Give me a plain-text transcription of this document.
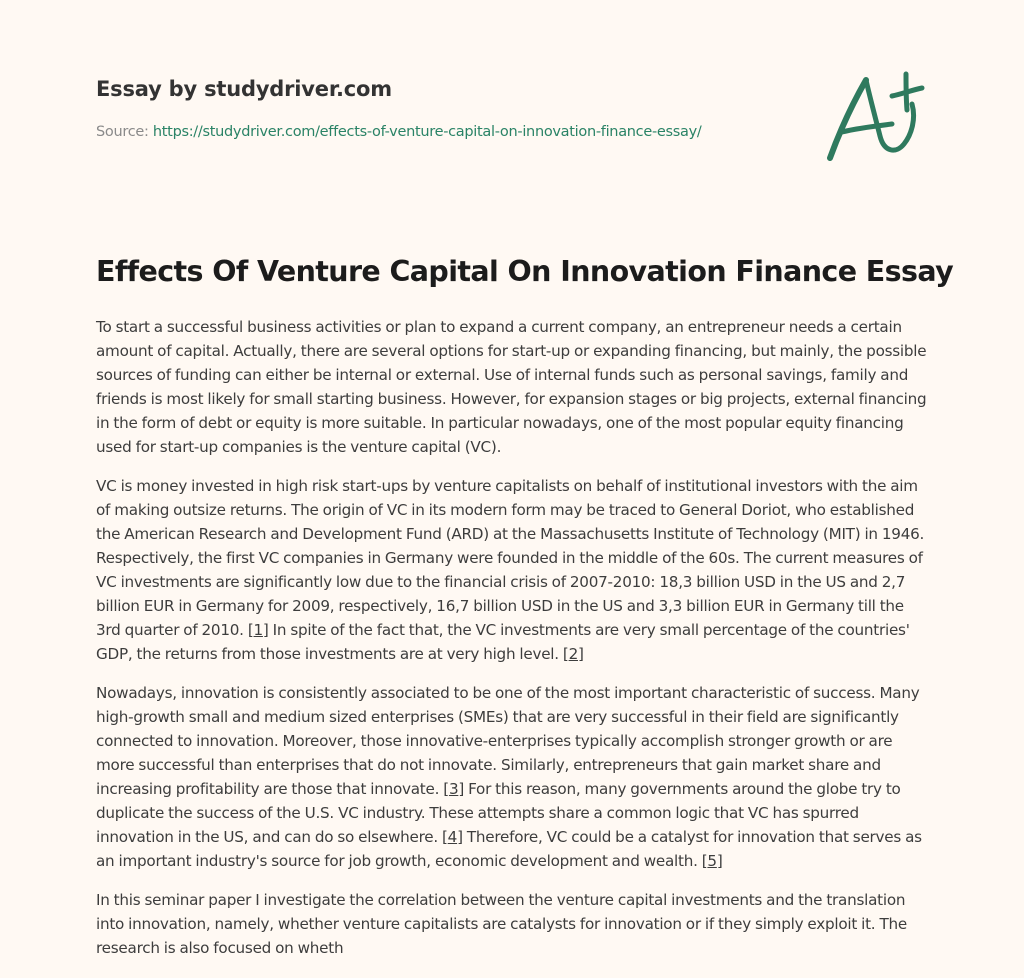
Essay by studydriver.com
Source: https://studydriver.com/effects-of-venture-capital-on-innovation-finance-essay/
Effects Of Venture Capital On Innovation Finance Essay

To start a successful business activities or plan to expand a current company, an entrepreneur needs a certain amount of capital. Actually, there are several options for start-up or expanding financing, but mainly, the possible sources of funding can either be internal or external. Use of internal funds such as personal savings, family and friends is most likely for small starting business. However, for expansion stages or big projects, external financing in the form of debt or equity is more suitable. In particular nowadays, one of the most popular equity financing used for start-up companies is the venture capital (VC).

VC is money invested in high risk start-ups by venture capitalists on behalf of institutional investors with the aim of making outsize returns. The origin of VC in its modern form may be traced to General Doriot, who established the American Research and Development Fund (ARD) at the Massachusetts Institute of Technology (MIT) in 1946. Respectively, the first VC companies in Germany were founded in the middle of the 60s. The current measures of VC investments are significantly low due to the financial crisis of 2007-2010: 18,3 billion USD in the US and 2,7 billion EUR in Germany for 2009, respectively, 16,7 billion USD in the US and 3,3 billion EUR in Germany till the 3rd quarter of 2010. [1] In spite of the fact that, the VC investments are very small percentage of the countries' GDP, the returns from those investments are at very high level. [2]

Nowadays, innovation is consistently associated to be one of the most important characteristic of success. Many high-growth small and medium sized enterprises (SMEs) that are very successful in their field are significantly connected to innovation. Moreover, those innovative-enterprises typically accomplish stronger growth or are more successful than enterprises that do not innovate. Similarly, entrepreneurs that gain market share and increasing profitability are those that innovate. [3] For this reason, many governments around the globe try to duplicate the success of the U.S. VC industry. These attempts share a common logic that VC has spurred innovation in the US, and can do so elsewhere. [4] Therefore, VC could be a catalyst for innovation that serves as an important industry's source for job growth, economic development and wealth. [5]

In this seminar paper I investigate the correlation between the venture capital investments and the translation into innovation, namely, whether venture capitalists are catalysts for innovation or if they simply exploit it. The research is also focused on wheth
